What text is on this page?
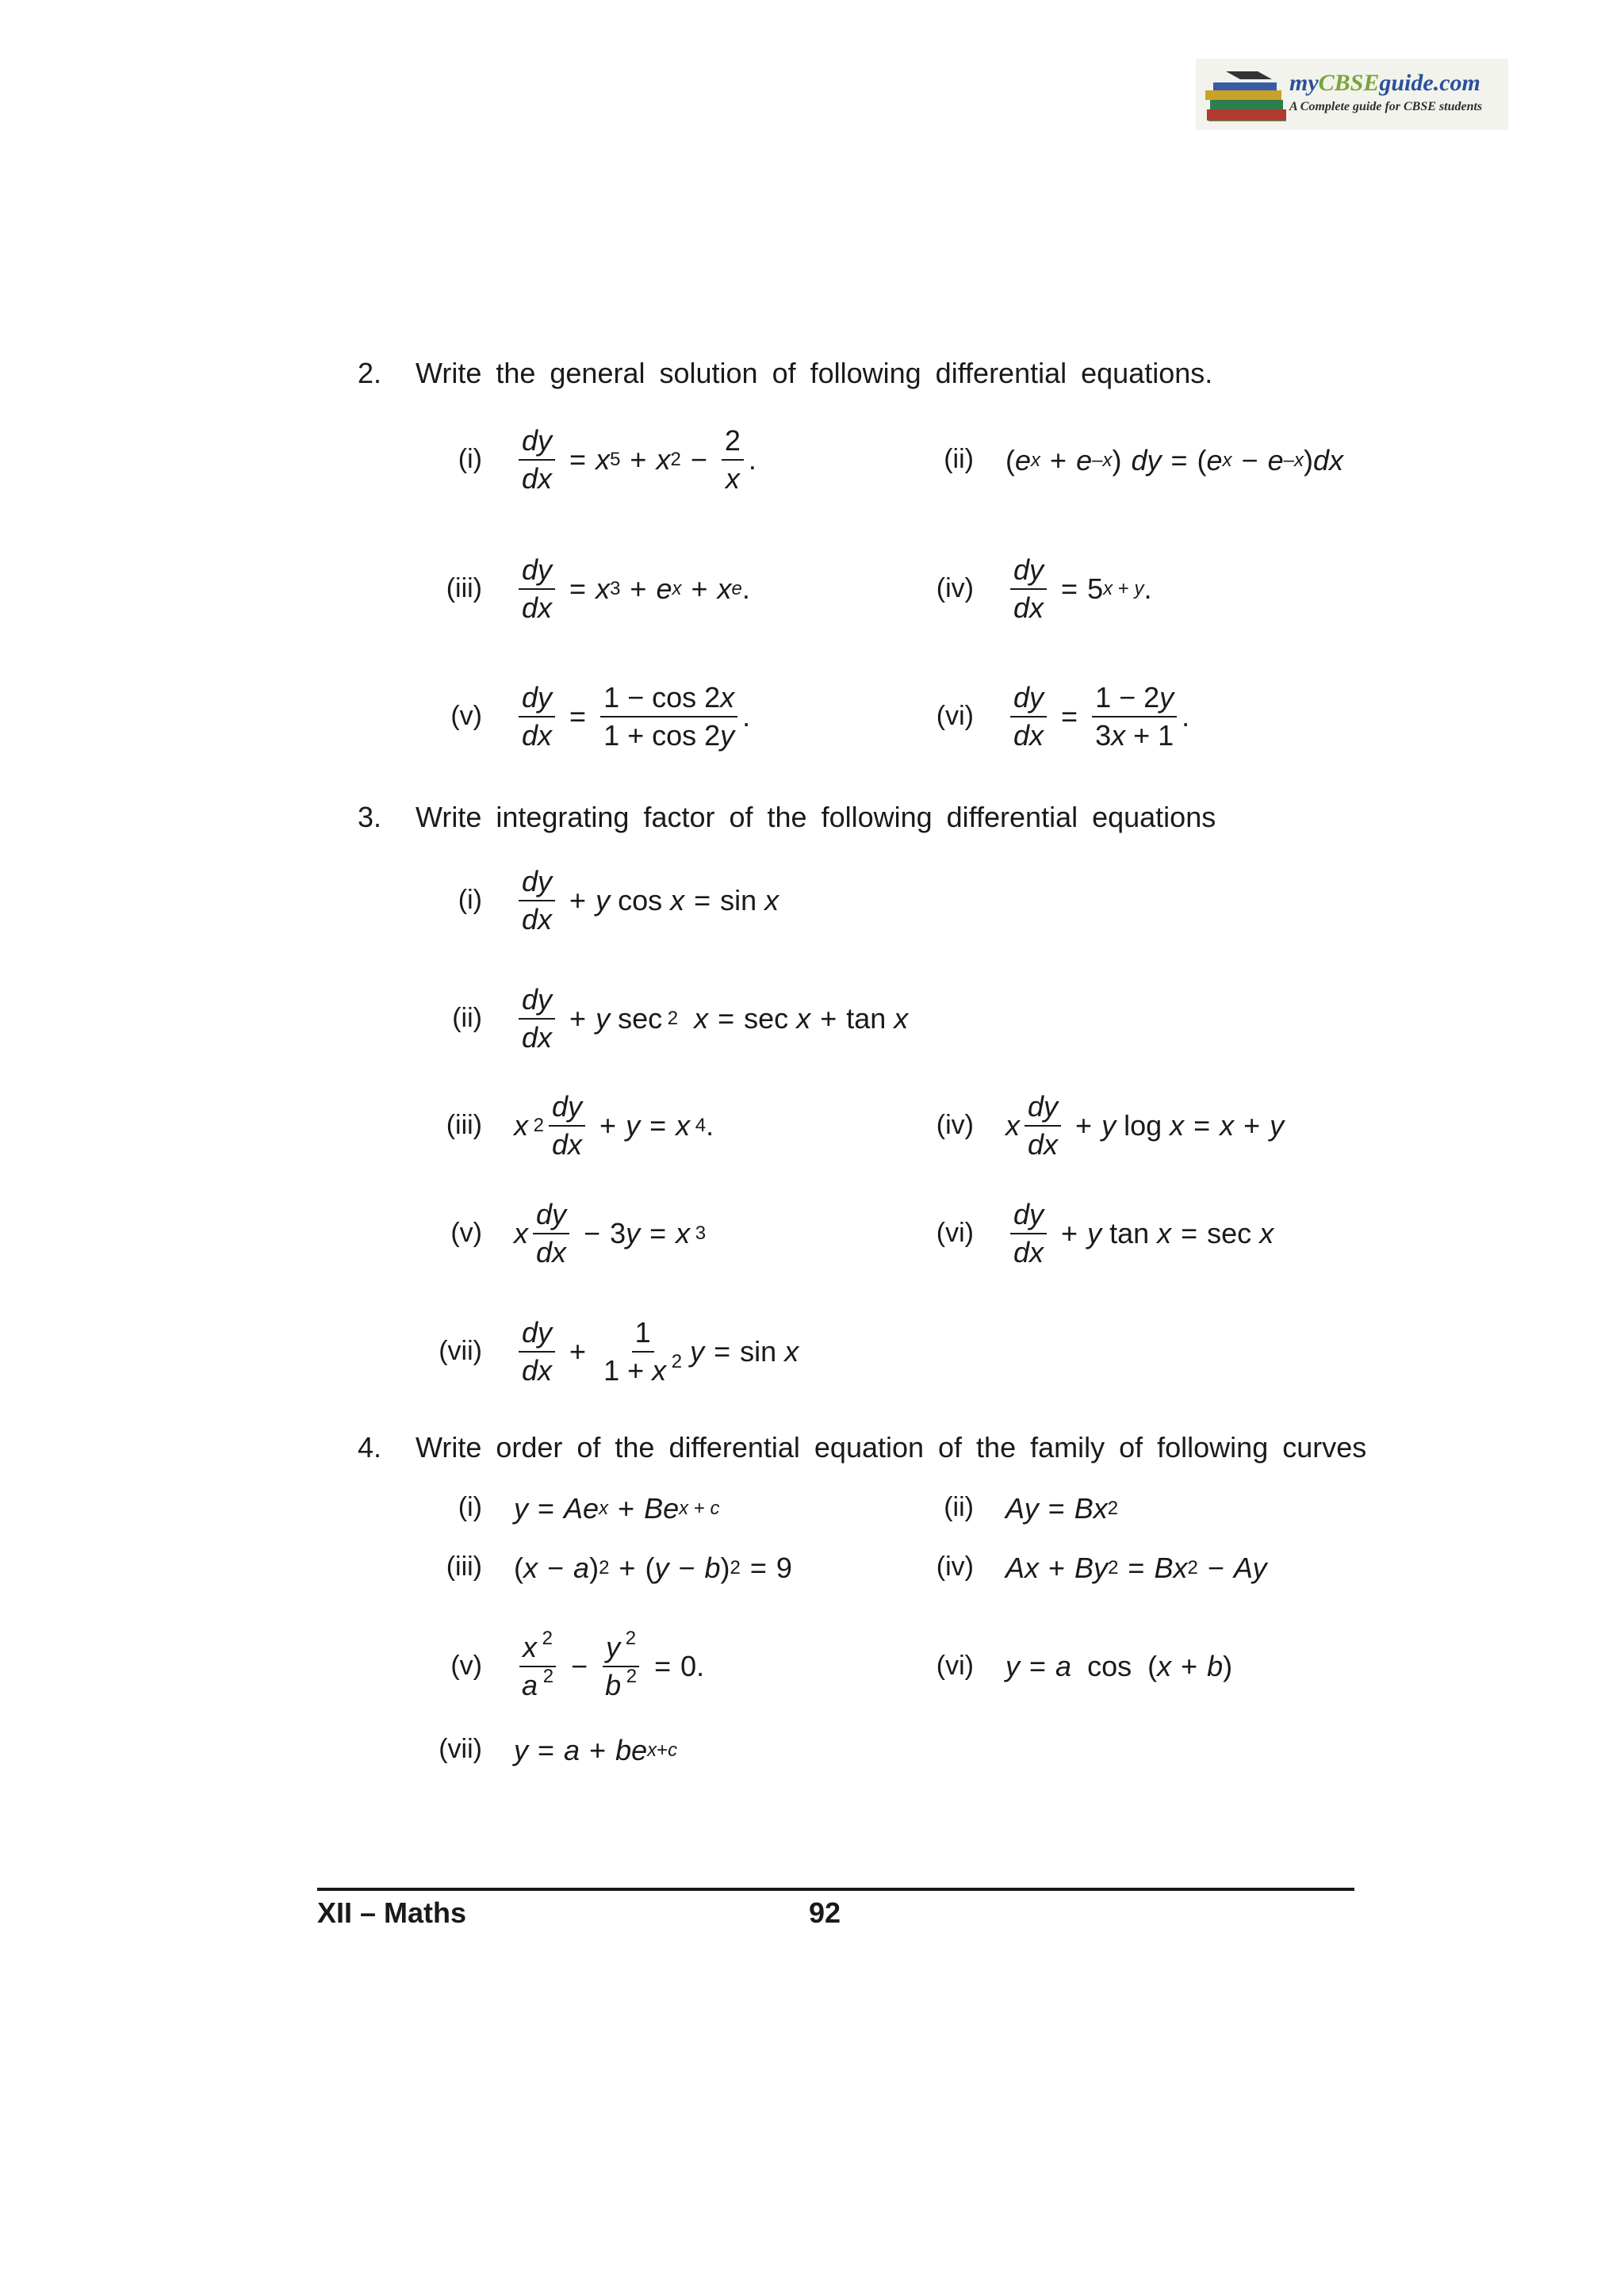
myCBSEguide.com
A Complete guide for CBSE students
2. Write the general solution of following differential equations.
$(i) \frac{dy}{dx} = x$ 5 + x $2 - \frac{2}{x}$ .	(ii) ( e x + e –x ) dy = ( e x − e –x ) dx
$(iii) \frac{dy}{dx} = x$ 3 + e x + x e .	$(iv) \frac{dy}{dx} = 5$ x + y .
$(v) \frac{dy}{dx} = \frac{1 - \cos 2x}{1 + \cos 2y}$ .	$(vi) \frac{dy}{dx} = \frac{1 - 2y}{3x + 1}$ .
3. Write integrating factor of the following differential equations
$(i) \frac{dy}{dx} + y$ cos x = sin x
$(ii) \frac{dy}{dx} + y$ sec 2
x = sec x + tan x
(iii) x $2 \frac{dy}{dx} + y = x$ 4 .	(iv) x $\frac{dy}{dx} + y$ log x = x + y
(v) x $\frac{dy}{dx} - 3$ y = x 3	$(vi) \frac{dy}{dx} + y$ tan x = sec x
$(vii) \frac{dy}{dx} + \frac{1}{1 + x ^2}$ y = sin x
4. Write order of the differential equation of the family of following curves
(i) y = Ae x + Be x + c	(ii) Ay = Bx 2
(iii) ( x − a ) 2 + ( y − b ) 2 = 9	(iv) Ax + By 2 = Bx 2 − Ay
$(v) \frac{x ^2}{a ^2} - \frac{y ^2}{b ^2} = 0$.	(vi) y = a cos  ( x + b )
(vii) y = a + be x+c
XII – Maths	92
